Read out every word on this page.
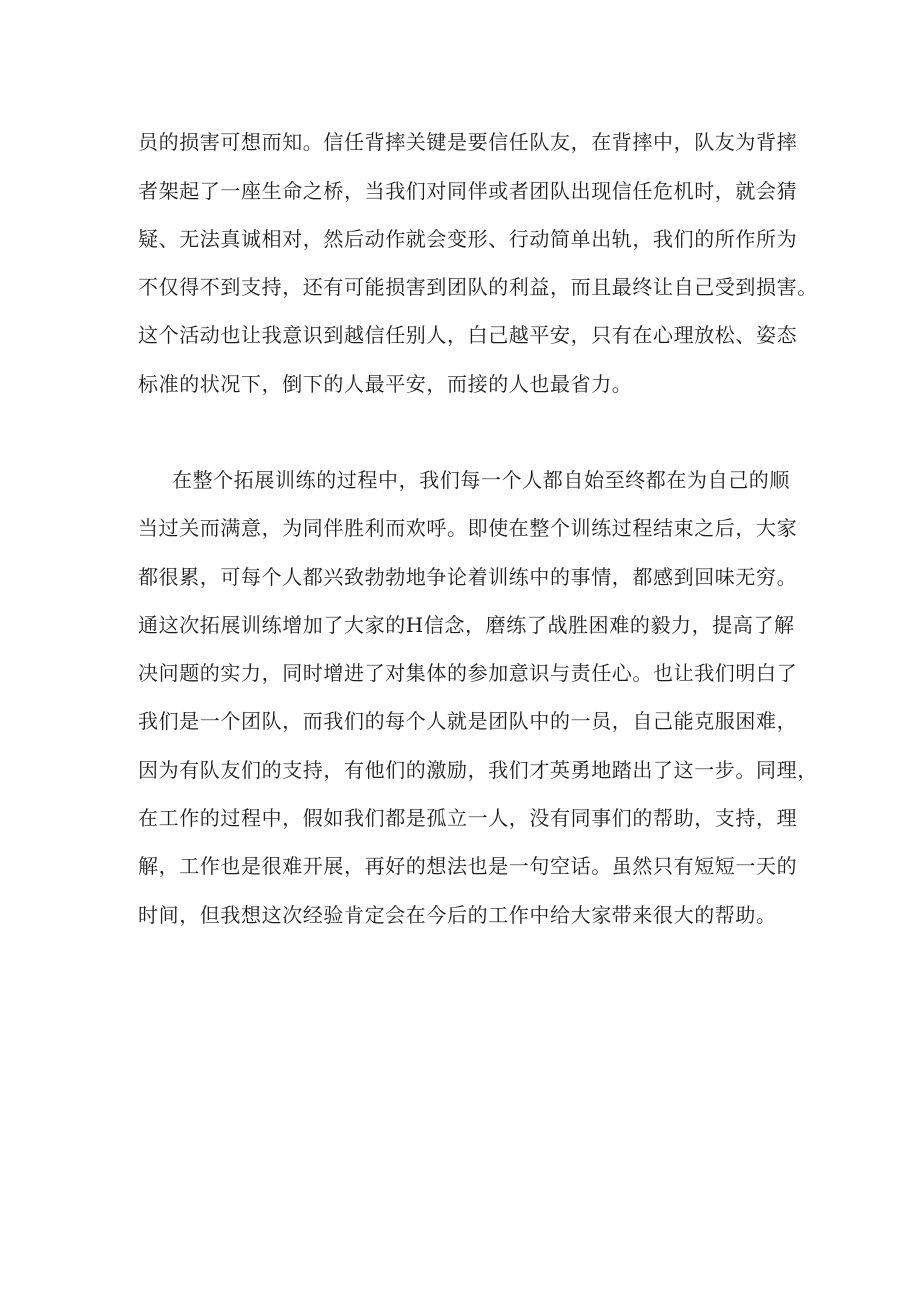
员的损害可想而知。信任背摔关键是要信任队友，在背摔中，队友为背摔
者架起了一座生命之桥，当我们对同伴或者团队出现信任危机时，就会猜
疑、无法真诚相对，然后动作就会变形、行动简单出轨，我们的所作所为
不仅得不到支持，还有可能损害到团队的利益，而且最终让自己受到损害。
这个活动也让我意识到越信任别人，白己越平安，只有在心理放松、姿态
标准的状况下，倒下的人最平安，而接的人也最省力。
在整个拓展训练的过程中，我们每一个人都自始至终都在为自己的顺
当过关而满意，为同伴胜利而欢呼。即使在整个训练过程结束之后，大家
都很累，可每个人都兴致勃勃地争论着训练中的事情，都感到回味无穷。
通这次拓展训练增加了大家的H信念，磨练了战胜困难的毅力，提高了解
决问题的实力，同时增进了对集体的参加意识与责任心。也让我们明白了
我们是一个团队，而我们的每个人就是团队中的一员，自己能克服困难，
因为有队友们的支持，有他们的激励，我们才英勇地踏出了这一步。同理，
在工作的过程中，假如我们都是孤立一人，没有同事们的帮助，支持，理
解，工作也是很难开展，再好的想法也是一句空话。虽然只有短短一天的
时间，但我想这次经验肯定会在今后的工作中给大家带来很大的帮助。
